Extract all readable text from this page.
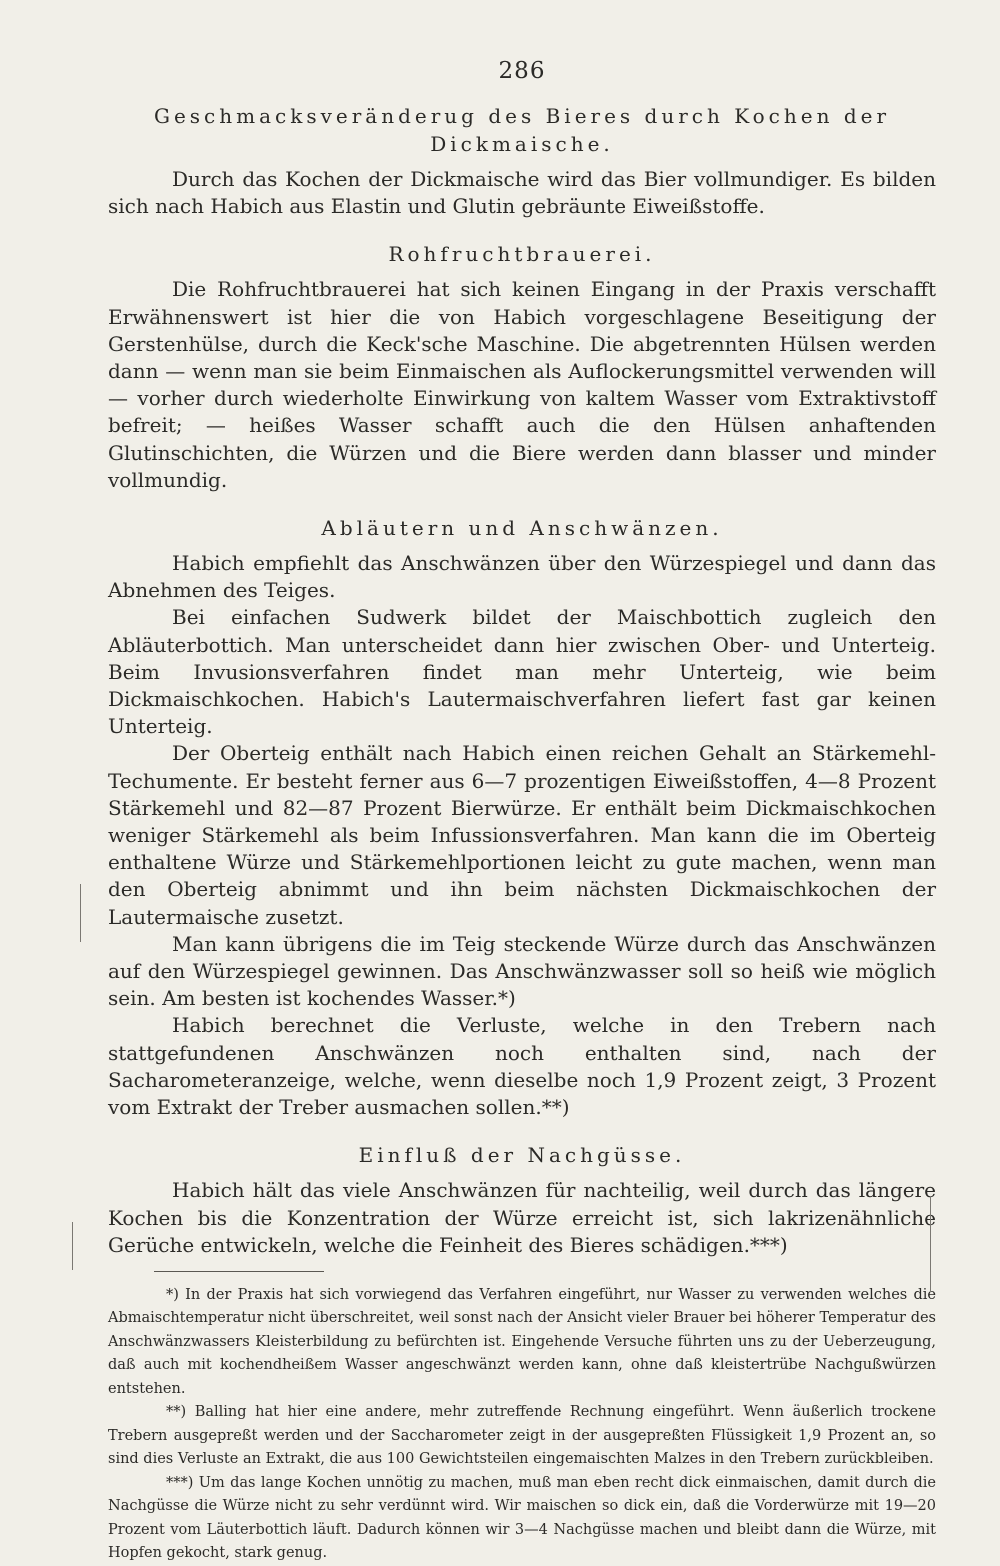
286
Geschmacksveränderug des Bieres durch Kochen der Dickmaische.

Durch das Kochen der Dickmaische wird das Bier vollmundiger. Es bilden sich nach Habich aus Elastin und Glutin gebräunte Eiweißstoffe.

Rohfruchtbrauerei.

Die Rohfruchtbrauerei hat sich keinen Eingang in der Praxis verschafft Erwähnenswert ist hier die von Habich vorgeschlagene Beseitigung der Gerstenhülse, durch die Keck'sche Maschine. Die abgetrennten Hülsen werden dann — wenn man sie beim Einmaischen als Auflockerungsmittel verwenden will — vorher durch wiederholte Einwirkung von kaltem Wasser vom Extraktivstoff befreit; — heißes Wasser schafft auch die den Hülsen anhaftenden Glutinschichten, die Würzen und die Biere werden dann blasser und minder vollmundig.

Abläutern und Anschwänzen.

Habich empfiehlt das Anschwänzen über den Würzespiegel und dann das Abnehmen des Teiges.

Bei einfachen Sudwerk bildet der Maischbottich zugleich den Abläuterbottich. Man unterscheidet dann hier zwischen Ober- und Unterteig. Beim Invusionsverfahren findet man mehr Unterteig, wie beim Dickmaischkochen. Habich's Lautermaischverfahren liefert fast gar keinen Unterteig.

Der Oberteig enthält nach Habich einen reichen Gehalt an Stärkemehl-Techumente. Er besteht ferner aus 6—7 prozentigen Eiweißstoffen, 4—8 Prozent Stärkemehl und 82—87 Prozent Bierwürze. Er enthält beim Dickmaischkochen weniger Stärkemehl als beim Infussionsverfahren. Man kann die im Oberteig enthaltene Würze und Stärkemehlportionen leicht zu gute machen, wenn man den Oberteig abnimmt und ihn beim nächsten Dickmaischkochen der Lautermaische zusetzt.

Man kann übrigens die im Teig steckende Würze durch das Anschwänzen auf den Würzespiegel gewinnen. Das Anschwänzwasser soll so heiß wie möglich sein. Am besten ist kochendes Wasser.*)

Habich berechnet die Verluste, welche in den Trebern nach stattgefundenen Anschwänzen noch enthalten sind, nach der Sacharometeranzeige, welche, wenn dieselbe noch 1,9 Prozent zeigt, 3 Prozent vom Extrakt der Treber ausmachen sollen.**)

Einfluß der Nachgüsse.

Habich hält das viele Anschwänzen für nachteilig, weil durch das längere Kochen bis die Konzentration der Würze erreicht ist, sich lakrizenähnliche Gerüche entwickeln, welche die Feinheit des Bieres schädigen.***)

*) In der Praxis hat sich vorwiegend das Verfahren eingeführt, nur Wasser zu verwenden welches die Abmaischtemperatur nicht überschreitet, weil sonst nach der Ansicht vieler Brauer bei höherer Temperatur des Anschwänzwassers Kleisterbildung zu befürchten ist. Eingehende Versuche führten uns zu der Ueberzeugung, daß auch mit kochendheißem Wasser angeschwänzt werden kann, ohne daß kleistertrübe Nachgußwürzen entstehen.

**) Balling hat hier eine andere, mehr zutreffende Rechnung eingeführt. Wenn äußerlich trockene Trebern ausgepreßt werden und der Saccharometer zeigt in der ausgepreßten Flüssigkeit 1,9 Prozent an, so sind dies Verluste an Extrakt, die aus 100 Gewichtsteilen eingemaischten Malzes in den Trebern zurückbleiben.

***) Um das lange Kochen unnötig zu machen, muß man eben recht dick einmaischen, damit durch die Nachgüsse die Würze nicht zu sehr verdünnt wird. Wir maischen so dick ein, daß die Vorderwürze mit 19—20 Prozent vom Läuterbottich läuft. Dadurch können wir 3—4 Nachgüsse machen und bleibt dann die Würze, mit Hopfen gekocht, stark genug.
